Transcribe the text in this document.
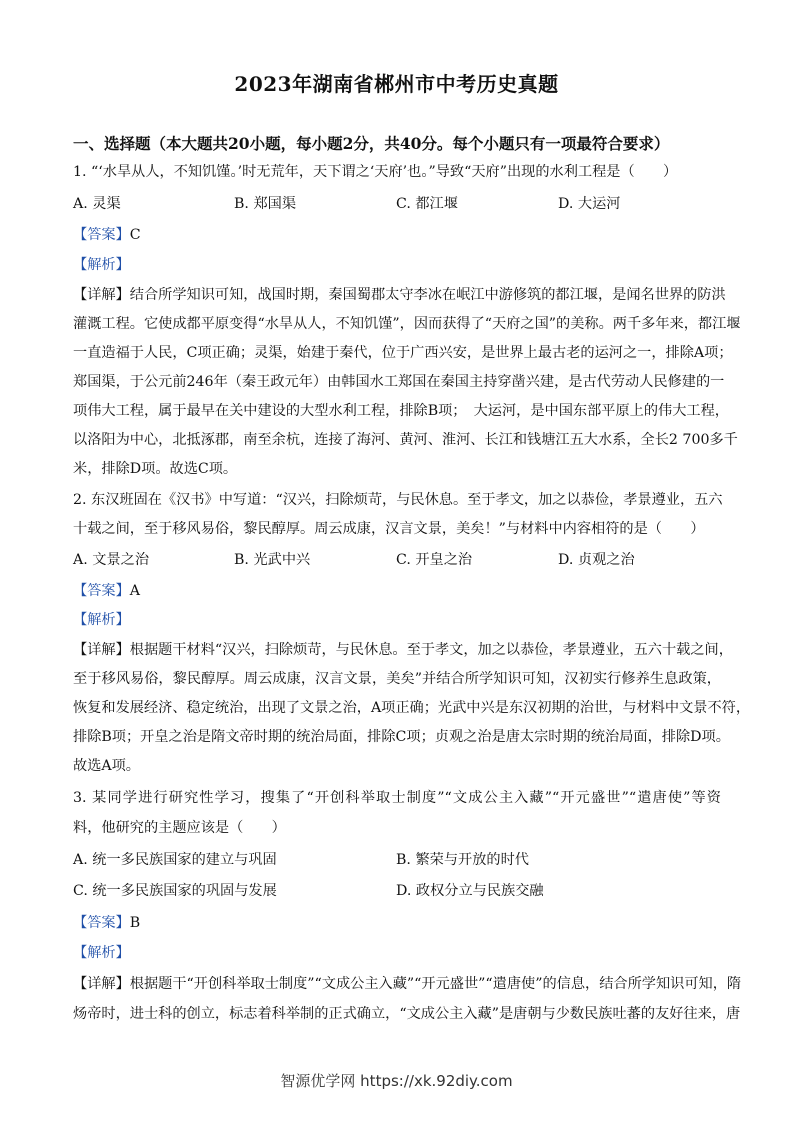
2023年湖南省郴州市中考历史真题
一、选择题（本大题共20小题，每小题2分，共40分。每个小题只有一项最符合要求）
1. “‘水旱从人，不知饥馑。’时无荒年，天下谓之‘天府’也。”导致“天府”出现的水利工程是（　　）
A. 灵渠	B. 郑国渠	C. 都江堰	D. 大运河
【答案】C
【解析】
【详解】结合所学知识可知，战国时期，秦国蜀郡太守李冰在岷江中游修筑的都江堰，是闻名世界的防洪
灌溉工程。它使成都平原变得“水旱从人，不知饥馑”，因而获得了“天府之国”的美称。两千多年来，都江堰
一直造福于人民，C项正确；灵渠，始建于秦代，位于广西兴安，是世界上最古老的运河之一，排除A项；
郑国渠，于公元前246年（秦王政元年）由韩国水工郑国在秦国主持穿凿兴建，是古代劳动人民修建的一
项伟大工程，属于最早在关中建设的大型水利工程，排除B项；　大运河，是中国东部平原上的伟大工程，
以洛阳为中心，北抵涿郡，南至余杭，连接了海河、黄河、淮河、长江和钱塘江五大水系，全长2 700多千
米，排除D项。故选C项。
2. 东汉班固在《汉书》中写道：“汉兴，扫除烦苛，与民休息。至于孝文，加之以恭俭，孝景遵业，五六
十载之间，至于移风易俗，黎民醇厚。周云成康，汉言文景，美矣！”与材料中内容相符的是（　　）
A. 文景之治	B. 光武中兴	C. 开皇之治	D. 贞观之治
【答案】A
【解析】
【详解】根据题干材料“汉兴，扫除烦苛，与民休息。至于孝文，加之以恭俭，孝景遵业，五六十载之间，
至于移风易俗，黎民醇厚。周云成康，汉言文景，美矣”并结合所学知识可知，汉初实行修养生息政策，
恢复和发展经济、稳定统治，出现了文景之治，A项正确；光武中兴是东汉初期的治世，与材料中文景不符，
排除B项；开皇之治是隋文帝时期的统治局面，排除C项；贞观之治是唐太宗时期的统治局面，排除D项。
故选A项。
3. 某同学进行研究性学习，搜集了“开创科举取士制度”“文成公主入藏”“开元盛世”“遣唐使”等资
料，他研究的主题应该是（　　）
A. 统一多民族国家的建立与巩固	B. 繁荣与开放的时代
C. 统一多民族国家的巩固与发展	D. 政权分立与民族交融
【答案】B
【解析】
【详解】根据题干“开创科举取士制度”“文成公主入藏”“开元盛世”“遣唐使”的信息，结合所学知识可知，隋
炀帝时，进士科的创立，标志着科举制的正式确立，“文成公主入藏”是唐朝与少数民族吐蕃的友好往来，唐
智源优学网 https://xk.92diy.com
